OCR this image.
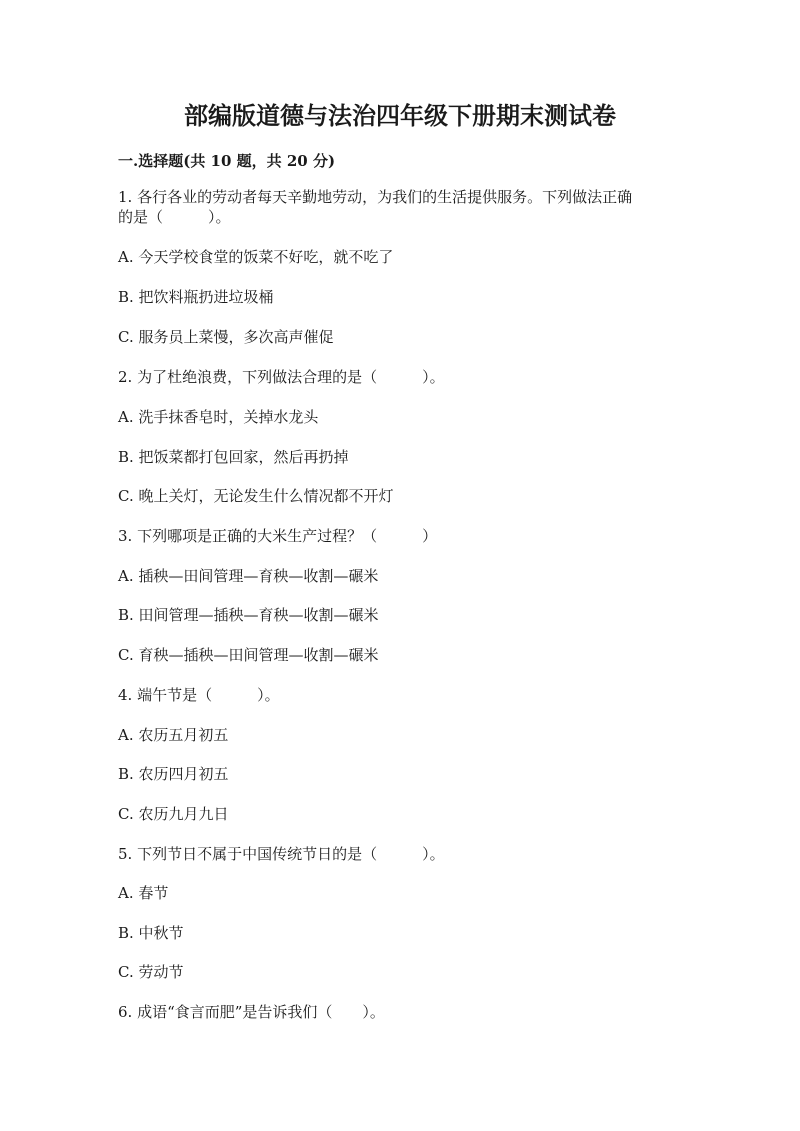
部编版道德与法治四年级下册期末测试卷

一.选择题(共 10 题，共 20 分)

1. 各行各业的劳动者每天辛勤地劳动，为我们的生活提供服务。下列做法正确

的是（　　　）。

A. 今天学校食堂的饭菜不好吃，就不吃了

B. 把饮料瓶扔进垃圾桶

C. 服务员上菜慢，多次高声催促

2. 为了杜绝浪费，下列做法合理的是（　　　）。

A. 洗手抹香皂时，关掉水龙头

B. 把饭菜都打包回家，然后再扔掉

C. 晚上关灯，无论发生什么情况都不开灯

3. 下列哪项是正确的大米生产过程？（　　　）

A. 插秧—田间管理—育秧—收割—碾米

B. 田间管理—插秧—育秧—收割—碾米

C. 育秧—插秧—田间管理—收割—碾米

4. 端午节是（　　　）。

A. 农历五月初五

B. 农历四月初五

C. 农历九月九日

5. 下列节日不属于中国传统节日的是（　　　）。

A. 春节

B. 中秋节

C. 劳动节

6. 成语“食言而肥”是告诉我们（　　）。
